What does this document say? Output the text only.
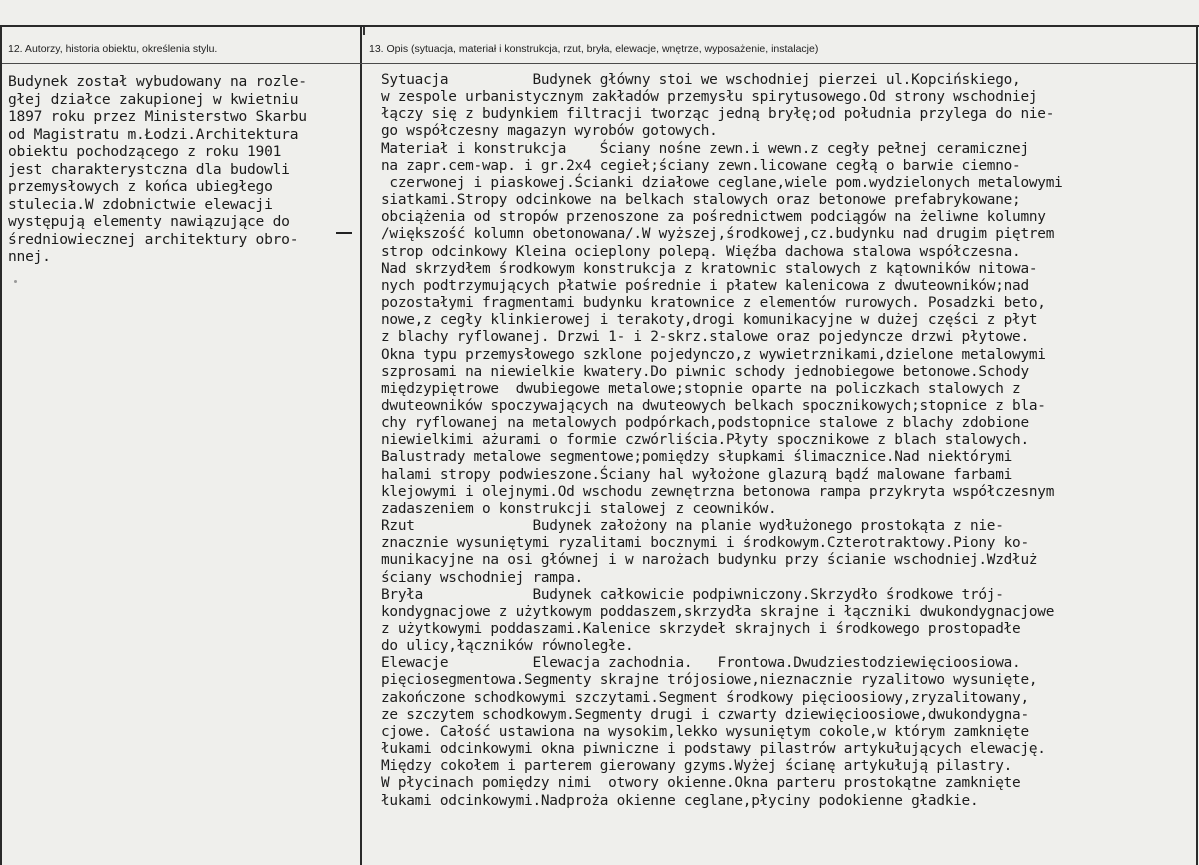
12. Autorzy, historia obiektu, określenia stylu.	13. Opis (sytuacja, materiał i konstrukcja, rzut, bryła, elewacje, wnętrze, wyposażenie, instalacje)
Budynek został wybudowany na rozle-
głej działce zakupionej w kwietniu
1897 roku przez Ministerstwo Skarbu
od Magistratu m.Łodzi.Architektura
obiektu pochodzącego z roku 1901
jest charakterystczna dla budowli
przemysłowych z końca ubiegłego
stulecia.W zdobnictwie elewacji
występują elementy nawiązujące do
średniowiecznej architektury obro-
nnej.
Sytuacja          Budynek główny stoi we wschodniej pierzei ul.Kopcińskiego,
w zespole urbanistycznym zakładów przemysłu spirytusowego.Od strony wschodniej
łączy się z budynkiem filtracji tworząc jedną bryłę;od południa przylega do nie-
go współczesny magazyn wyrobów gotowych.
Materiał i konstrukcja    Ściany nośne zewn.i wewn.z cegły pełnej ceramicznej
na zapr.cem-wap. i gr.2x4 cegieł;ściany zewn.licowane cegłą o barwie ciemno-
czerwonej i piaskowej.Ścianki działowe ceglane,wiele pom.wydzielonych metalowymi
siatkami.Stropy odcinkowe na belkach stalowych oraz betonowe prefabrykowane;
obciążenia od stropów przenoszone za pośrednictwem podciągów na żeliwne kolumny
/większość kolumn obetonowana/.W wyższej,środkowej,cz.budynku nad drugim piętrem
strop odcinkowy Kleina ocieplony polepą. Więźba dachowa stalowa współczesna.
Nad skrzydłem środkowym konstrukcja z kratownic stalowych z kątowników nitowa-
nych podtrzymujących płatwie pośrednie i płatew kalenicowa z dwuteowników;nad
pozostałymi fragmentami budynku kratownice z elementów rurowych. Posadzki beto,
nowe,z cegły klinkierowej i terakoty,drogi komunikacyjne w dużej części z płyt
z blachy ryflowanej. Drzwi 1- i 2-skrz.stalowe oraz pojedyncze drzwi płytowe.
Okna typu przemysłowego szklone pojedynczo,z wywietrznikami,dzielone metalowymi
szprosami na niewielkie kwatery.Do piwnic schody jednobiegowe betonowe.Schody
międzypiętrowe  dwubiegowe metalowe;stopnie oparte na policzkach stalowych z
dwuteowników spoczywających na dwuteowych belkach spocznikowych;stopnice z bla-
chy ryflowanej na metalowych podpórkach,podstopnice stalowe z blachy zdobione
niewielkimi ażurami o formie czwórliścia.Płyty spocznikowe z blach stalowych.
Balustrady metalowe segmentowe;pomiędzy słupkami ślimacznice.Nad niektórymi
halami stropy podwieszone.Ściany hal wyłożone glazurą bądź malowane farbami
klejowymi i olejnymi.Od wschodu zewnętrzna betonowa rampa przykryta współczesnym
zadaszeniem o konstrukcji stalowej z ceowników.
Rzut              Budynek założony na planie wydłużonego prostokąta z nie-
znacznie wysuniętymi ryzalitami bocznymi i środkowym.Czterotraktowy.Piony ko-
munikacyjne na osi głównej i w narożach budynku przy ścianie wschodniej.Wzdłuż
ściany wschodniej rampa.
Bryła             Budynek całkowicie podpiwniczony.Skrzydło środkowe trój-
kondygnacjowe z użytkowym poddaszem,skrzydła skrajne i łączniki dwukondygnacjowe
z użytkowymi poddaszami.Kalenice skrzydeł skrajnych i środkowego prostopadłe
do ulicy,łączników równoległe.
Elewacje          Elewacja zachodnia.   Frontowa.Dwudziestodziewięcioosiowa.
pięciosegmentowa.Segmenty skrajne trójosiowe,nieznacznie ryzalitowo wysunięte,
zakończone schodkowymi szczytami.Segment środkowy pięcioosiowy,zryzalitowany,
ze szczytem schodkowym.Segmenty drugi i czwarty dziewięcioosiowe,dwukondygna-
cjowe. Całość ustawiona na wysokim,lekko wysuniętym cokole,w którym zamknięte
łukami odcinkowymi okna piwniczne i podstawy pilastrów artykułujących elewację.
Między cokołem i parterem gierowany gzyms.Wyżej ścianę artykułują pilastry.
W płycinach pomiędzy nimi  otwory okienne.Okna parteru prostokątne zamknięte
łukami odcinkowymi.Nadproża okienne ceglane,płyciny podokienne gładkie.
